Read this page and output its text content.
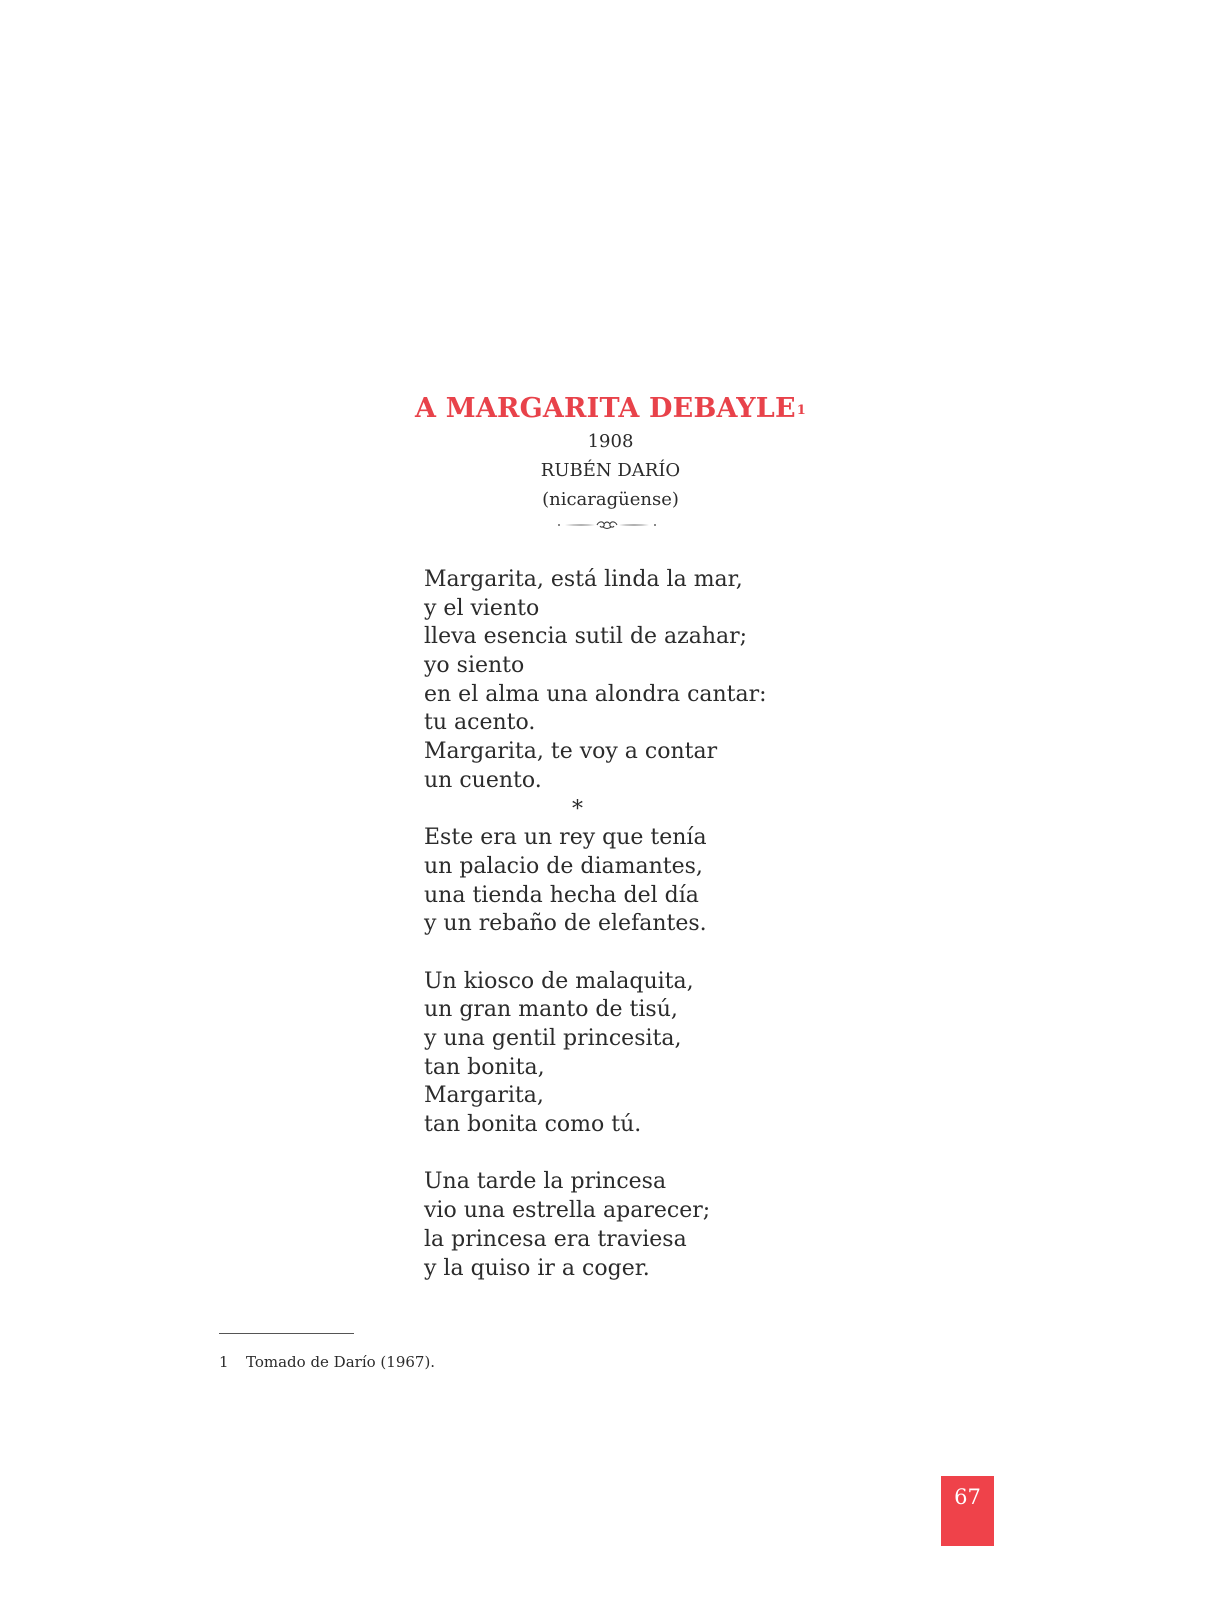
A MARGARITA DEBAYLE$^1$
1908
RUBÉN DARÍO
(nicaragüense)
Margarita, está linda la mar,
y el viento
lleva esencia sutil de azahar;
yo siento
en el alma una alondra cantar:
tu acento.
Margarita, te voy a contar
un cuento.
*
Este era un rey que tenía
un palacio de diamantes,
una tienda hecha del día
y un rebaño de elefantes.
Un kiosco de malaquita,
un gran manto de tisú,
y una gentil princesita,
tan bonita,
Margarita,
tan bonita como tú.
Una tarde la princesa
vio una estrella aparecer;
la princesa era traviesa
y la quiso ir a coger.
1 Tomado de Darío (1967).
67
